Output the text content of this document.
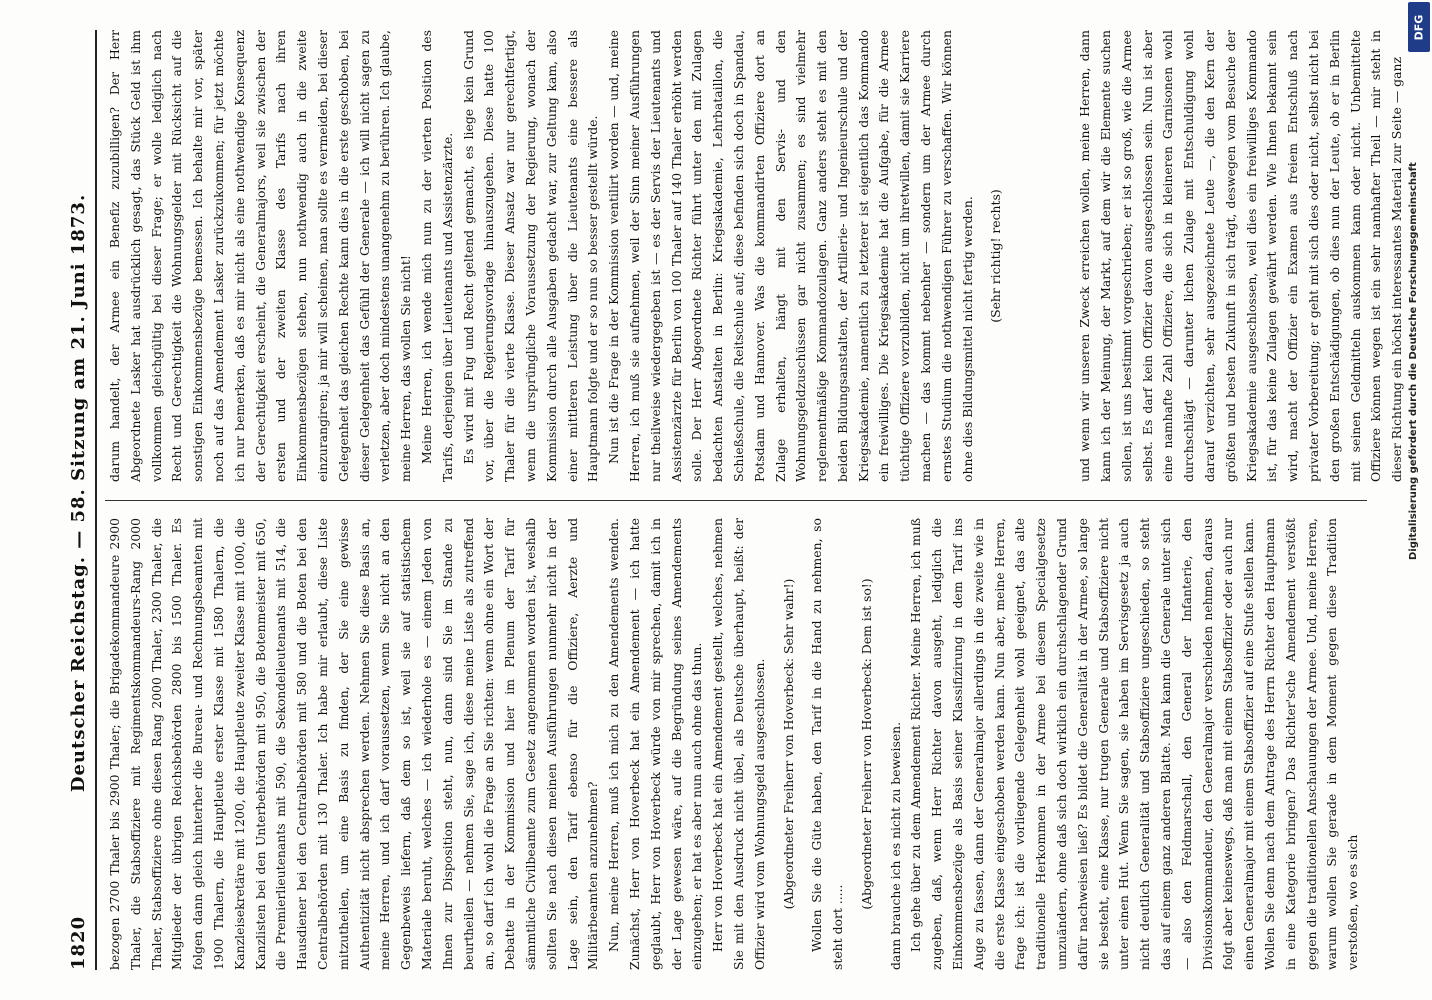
1820
Deutscher Reichstag. — 58. Sitzung am 21. Juni 1873. bezogen 2700 Thaler bis 2900 Thaler; die Brigadekommandeure 2900 Thaler, die Stabsoffiziere mit Regimentskommandeurs-Rang 2000 Thaler, Stabsoffiziere ohne diesen Rang 2000 Thaler, 2300 Thaler, die Mitglieder der übrigen Reichsbehörden 2800 bis 1500 Thaler. Es folgen dann gleich hinterher die Bureau- und Rechnungsbeamten mit 1900 Thalern, die Hauptleute erster Klasse mit 1580 Thalern, die Kanzleisekretäre mit 1200, die Hauptleute zweiter Klasse mit 1000, die Kanzlisten bei den Unterbehörden mit 950, die Botenmeister mit 650, die Premierlieutenants mit 590, die Sekondelieutenants mit 514, die Hausdiener bei den Centralbehörden mit 580 und die Boten bei den Centralbehörden mit 130 Thaler. Ich habe mir erlaubt, diese Liste mitzutheilen, um eine Basis zu finden, der Sie eine gewisse Authentizität nicht absprechen werden. Nehmen Sie diese Basis an, meine Herren, und ich darf voraussetzen, wenn Sie nicht an den Gegenbeweis liefern, daß dem so ist, weil sie auf statistischem Materiale beruht, welches — ich wiederhole es — einem Jeden von Ihnen zur Disposition steht, nun, dann sind Sie im Stande zu beurtheilen — nehmen Sie, sage ich, diese meine Liste als zutreffend an, so darf ich wohl die Frage an Sie richten: wenn ohne ein Wort der Debatte in der Kommission und hier im Plenum der Tarif für sämmtliche Civilbeamte zum Gesetz angenommen worden ist, weshalb sollten Sie nach diesen meinen Ausführungen nunmehr nicht in der Lage sein, den Tarif ebenso für die Offiziere, Aerzte und Militärbeamten anzunehmen? Nun, meine Herren, muß ich mich zu den Amendements wenden. Zunächst, Herr von Hoverbeck hat ein Amendement — ich hatte geglaubt, Herr von Hoverbeck würde von mir sprechen, damit ich in der Lage gewesen wäre, auf die Begründung seines Amendements einzugehen; er hat es aber nun auch ohne das thun. Herr von Hoverbeck hat ein Amendement gestellt, welches, nehmen Sie mit den Ausdruck nicht übel, als Deutsche überhaupt, heißt: der Offizier wird vom Wohnungsgeld ausgeschlossen.	(Abgeordneter Freiherr von Hoverbeck: Sehr wahr!)	Wollen Sie die Güte haben, den Tarif in die Hand zu nehmen, so steht dort .....

(Abgeordneter Freiherr von Hoverbeck: Dem ist so!)	dann brauche ich es nicht zu beweisen. Ich gehe über zu dem Amendement Richter. Meine Herren, ich muß zugeben, daß, wenn Herr Richter davon ausgeht, lediglich die Einkommensbezüge als Basis seiner Klassifizirung in dem Tarif ins Auge zu fassen, dann der Generalmajor allerdings in die zweite wie in die erste Klasse eingeschoben werden kann. Nun aber, meine Herren, frage ich: ist die vorliegende Gelegenheit wohl geeignet, das alte traditionelle Herkommen in der Armee bei diesem Specialgesetze umzuändern, ohne daß sich doch wirklich ein durchschlagender Grund dafür nachweisen ließ? Es bildet die Generalität in der Armee, so lange sie besteht, eine Klasse, nur trugen Generale und Stabsoffiziere nicht unter einen Hut. Wenn Sie sagen, sie haben im Servisgesetz ja auch nicht deutlich Generalität und Stabsoffiziere ungeschieden, so steht das auf einem ganz anderen Blatte. Man kann die Generale unter sich — also den Feldmarschall, den General der Infanterie, den Divisionskommandeur, den Generalmajor verschieden nehmen, daraus folgt aber keineswegs, daß man mit einem Stabsoffizier oder auch nur einen Generalmajor mit einem Stabsoffizier auf eine Stufe stellen kann. Wollen Sie denn nach dem Antrage des Herrn Richter den Hauptmann in eine Kategorie bringen? Das Richter'sche Amendement verstößt gegen die traditionellen Anschauungen der Armee. Und, meine Herren, warum wollen Sie gerade in dem Moment gegen diese Tradition verstoßen, wo es sich

darum handelt, der Armee ein Benefiz zuzubilligen? Der Herr Abgeordnete Lasker hat ausdrücklich gesagt, das Stück Geld ist ihm vollkommen gleichgültig bei dieser Frage; er wolle lediglich nach Recht und Gerechtigkeit die Wohnungsgelder mit Rücksicht auf die sonstigen Einkommensbezüge bemessen. Ich behalte mir vor, später noch auf das Amendement Lasker zurückzukommen; für jetzt möchte ich nur bemerken, daß es mir nicht als eine nothwendige Konsequenz der Gerechtigkeit erscheint, die Generalmajors, weil sie zwischen der ersten und der zweiten Klasse des Tarifs nach ihren Einkommensbezügen stehen, nun nothwendig auch in die zweite einzurangiren; ja mir will scheinen, man sollte es vermeiden, bei dieser Gelegenheit das gleichen Rechte kann dies in die erste geschoben, bei dieser Gelegenheit das Gefühl der Generale — ich will nicht sagen zu verletzen, aber doch mindestens unangenehm zu berühren. Ich glaube, meine Herren, das wollen Sie nicht! Meine Herren, ich wende mich nun zu der vierten Position des Tarifs, derjenigen über Lieutenants und Assistenzärzte. Es wird mit Fug und Recht geltend gemacht, es liege kein Grund vor, über die Regierungsvorlage hinauszugehen. Diese hatte 100 Thaler für die vierte Klasse. Dieser Ansatz war nur gerechtfertigt, wenn die ursprüngliche Voraussetzung der Regierung, wonach der Kommission durch alle Ausgaben gedacht war, zur Geltung kam, also einer mittleren Leistung über die Lieutenants eine bessere als Hauptmann folgte und er so nun so besser gestellt würde. Nun ist die Frage in der Kommission ventilirt worden — und, meine Herren, ich muß sie aufnehmen, weil der Sinn meiner Ausführungen nur theilweise wiedergegeben ist — es der Servis der Lieutenants und Assistenzärzte für Berlin von 100 Thaler auf 140 Thaler erhöht werden solle. Der Herr Abgeordnete Richter führt unter den mit Zulagen bedachten Anstalten in Berlin: Kriegsakademie, Lehrbataillon, die Schießschule, die Reitschule auf; diese befinden sich doch in Spandau, Potsdam und Hannover. Was die kommandirten Offiziere dort an Zulage erhalten, hängt mit den Servis- und den Wohnungsgeldzuschüssen gar nicht zusammen; es sind vielmehr reglementmäßige Kommandozulagen. Ganz anders steht es mit den beiden Bildungsanstalten, der Artillerie- und Ingenieurschule und der Kriegsakademie, namentlich zu letzterer ist eigentlich das Kommando ein freiwilliges. Die Kriegsakademie hat die Aufgabe, für die Armee tüchtige Offiziere vorzubilden, nicht um ihretwillen, damit sie Karriere machen — das kommt nebenher — sondern um der Armee durch ernstes Studium die nothwendigen Führer zu verschaffen. Wir können ohne dies Bildungsmittel nicht fertig werden.	(Sehr richtig! rechts)	und wenn wir unseren Zweck erreichen wollen, meine Herren, dann kann ich der Meinung, der Markt, auf dem wir die Elemente suchen sollen, ist uns bestimmt vorgeschrieben; er ist so groß, wie die Armee selbst. Es darf kein Offizier davon ausgeschlossen sein. Nun ist aber eine namhafte Zahl Offiziere, die sich in kleineren Garnisonen wohl durchschlägt — darunter lichen Zulage mit Entschuldigung wohl darauf verzichten, sehr ausgezeichnete Leute —, die den Kern der größten und besten Zukunft in sich trägt, deswegen vom Besuche der Kriegsakademie ausgeschlossen, weil dies ein freiwilliges Kommando ist, für das keine Zulagen gewährt werden. Wie Ihnen bekannt sein wird, macht der Offizier ein Examen aus freiem Entschluß nach privater Vorbereitung; er geht mit sich dies oder nicht, selbst nicht bei den großen Entschädigungen, ob dies nun der Leute, ob er in Berlin mit seinen Geldmitteln auskommen kann oder nicht. Unbemittelte Offiziere können wegen ist ein sehr namhafter Theil — mir steht in dieser Richtung ein höchst interessantes Material zur Seite — ganz

DFG
Digitalisierung gefördert durch die Deutsche Forschungsgemeinschaft
